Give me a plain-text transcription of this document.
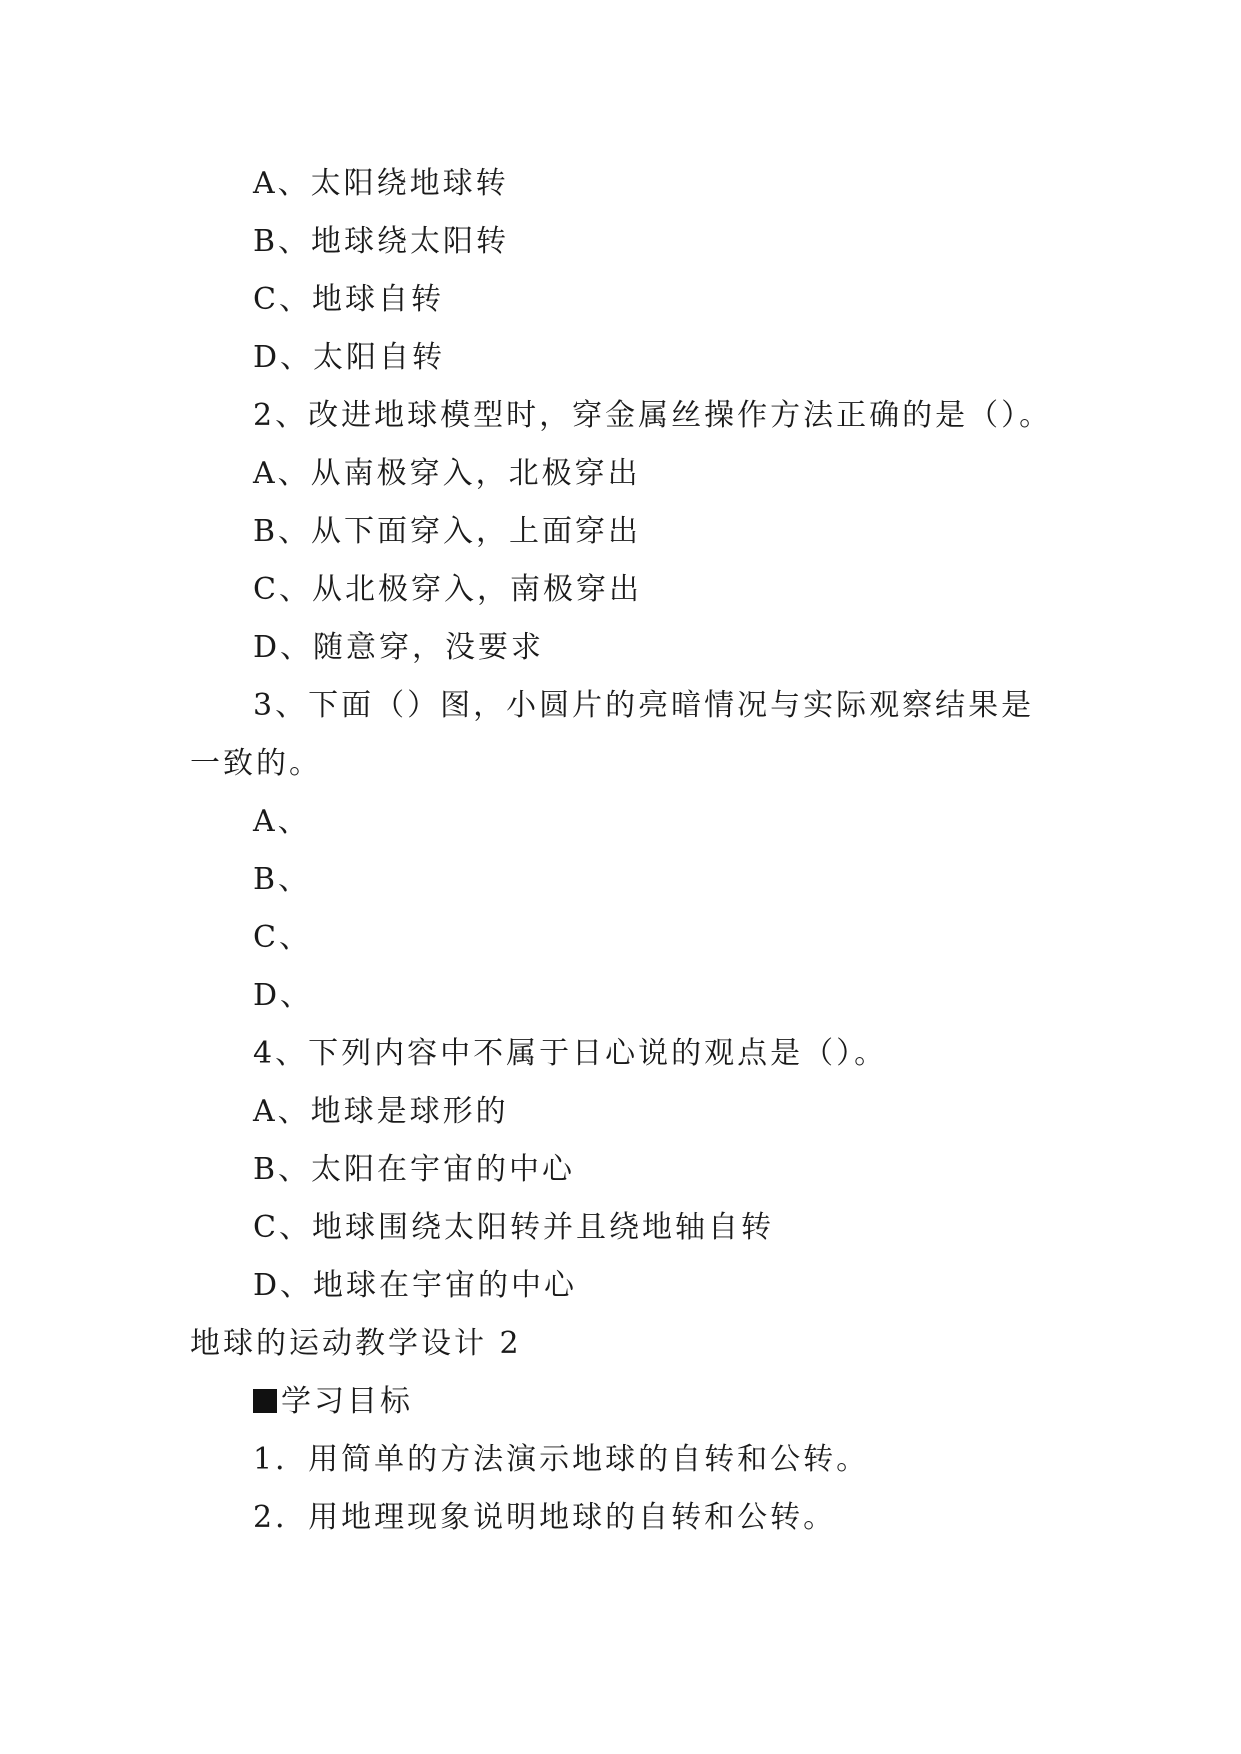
A、太阳绕地球转
B、地球绕太阳转
C、地球自转
D、太阳自转
2、改进地球模型时，穿金属丝操作方法正确的是（）。
A、从南极穿入，北极穿出
B、从下面穿入，上面穿出
C、从北极穿入，南极穿出
D、随意穿，没要求
3、下面（）图，小圆片的亮暗情况与实际观察结果是
一致的。
A、
B、
C、
D、
4、下列内容中不属于日心说的观点是（）。
A、地球是球形的
B、太阳在宇宙的中心
C、地球围绕太阳转并且绕地轴自转
D、地球在宇宙的中心
地球的运动教学设计 2
学习目标
1．用简单的方法演示地球的自转和公转。
2．用地理现象说明地球的自转和公转。
